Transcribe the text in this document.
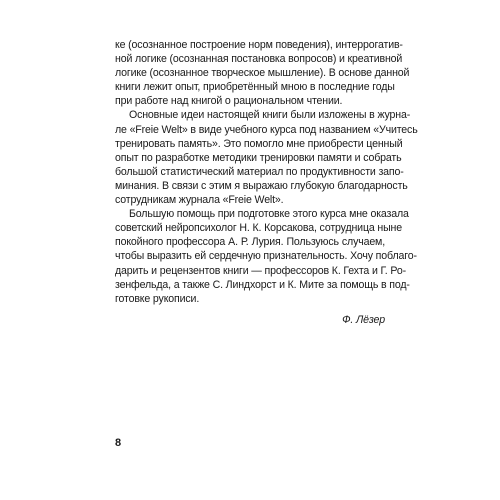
ке (осознанное построение норм поведения), интеррогатив-
ной логике (осознанная постановка вопросов) и креативной
логике (осознанное творческое мышление). В основе данной
книги лежит опыт, приобретённый мною в последние годы
при работе над книгой о рациональном чтении.
Основные идеи настоящей книги были изложены в журна-
ле «Freie Welt» в виде учебного курса под названием «Учитесь
тренировать память». Это помогло мне приобрести ценный
опыт по разработке методики тренировки памяти и собрать
большой статистический материал по продуктивности запо-
минания. В связи с этим я выражаю глубокую благодарность
сотрудникам журнала «Freie Welt».
Большую помощь при подготовке этого курса мне оказала
советский нейропсихолог Н. К. Корсакова, сотрудница ныне
покойного профессора А. Р. Лурия. Пользуюсь случаем,
чтобы выразить ей сердечную признательность. Хочу поблаго-
дарить и рецензентов книги — профессоров К. Гехта и Г. Ро-
зенфельда, а также С. Линдхорст и К. Мите за помощь в под-
готовке рукописи.
Ф. Лёзер
8
